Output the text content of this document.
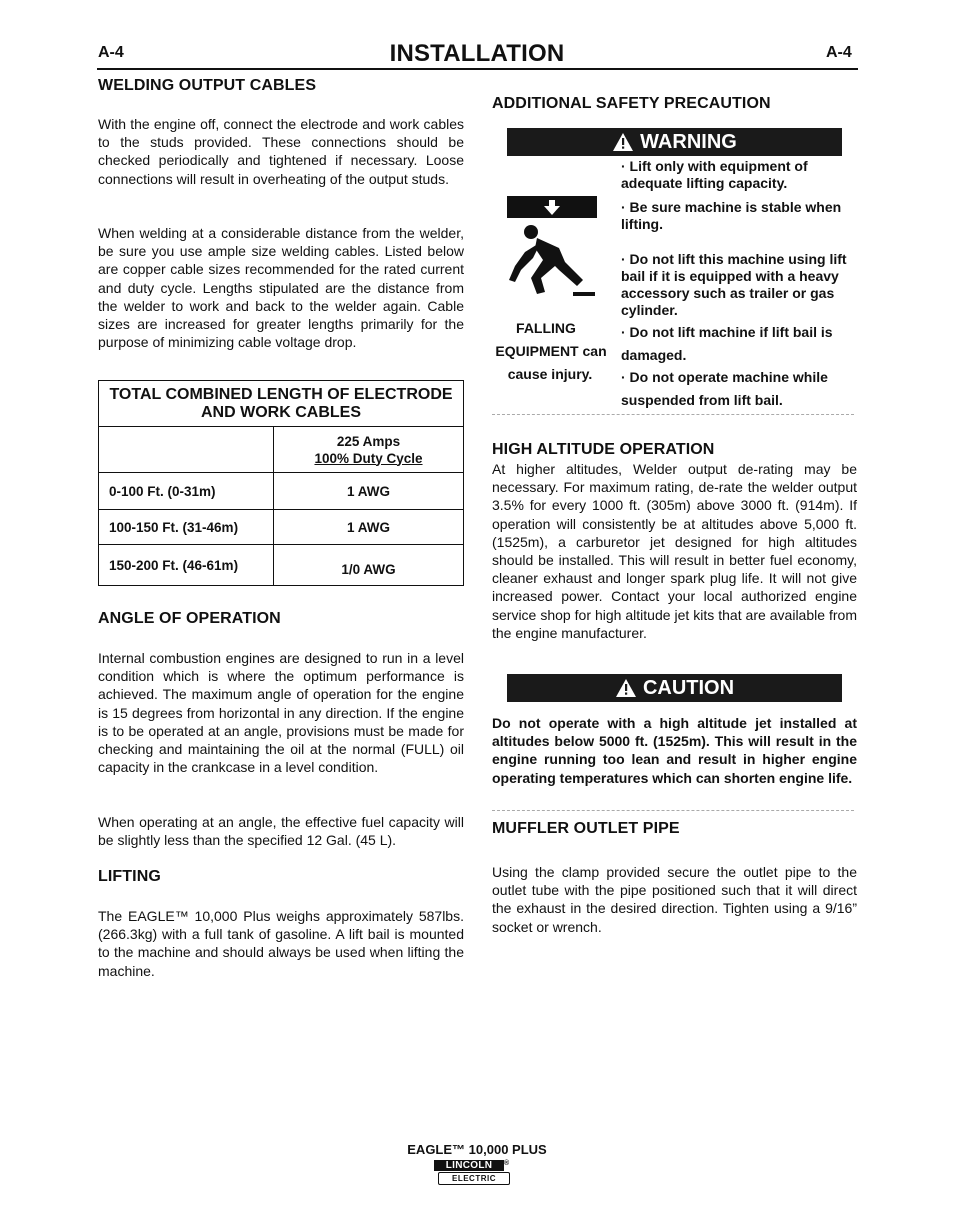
A-4	INSTALLATION	A-4
WELDING OUTPUT CABLES

With the engine off, connect the electrode and work cables to the studs provided. These connections should be checked periodically and tightened if necessary. Loose connections will result in overheating of the output studs.

When welding at a considerable distance from the welder, be sure you use ample size welding cables. Listed below are copper cable sizes recommended for the rated current and duty cycle. Lengths stipulated are the distance from the welder to work and back to the welder again. Cable sizes are increased for greater lengths primarily for the purpose of minimizing cable voltage drop.

TOTAL COMBINED LENGTH OF ELECTRODE AND WORK CABLES	

	225 Amps
100% Duty Cycle

0-100 Ft. (0-31m)	1 AWG
100-150 Ft. (31-46m)	1 AWG
150-200 Ft. (46-61m)	1/0 AWG
ANGLE OF OPERATION

Internal combustion engines are designed to run in a level condition which is where the optimum performance is achieved. The maximum angle of operation for the engine is 15 degrees from horizontal in any direction. If the engine is to be operated at an angle, provisions must be made for checking and maintaining the oil at the normal (FULL) oil capacity in the crankcase in a level condition.

When operating at an angle, the effective fuel capacity will be slightly less than the specified 12 Gal. (45 L).

LIFTING

The EAGLE™ 10,000 Plus weighs approximately 587lbs. (266.3kg) with a full tank of gasoline. A lift bail is mounted to the machine and should always be used when lifting the machine.

ADDITIONAL SAFETY PRECAUTION
WARNING
FALLING
EQUIPMENT can
cause injury.
· Lift only with equipment of adequate lifting capacity.
· Be sure machine is stable when lifting.
· Do not lift this machine using lift bail if it is equipped with a heavy accessory such as trailer or gas cylinder.
· Do not lift machine if lift bail is damaged.
· Do not operate machine while suspended from lift bail.
HIGH ALTITUDE OPERATION

At higher altitudes, Welder output de-rating may be necessary. For maximum rating, de-rate the welder output 3.5% for every 1000 ft. (305m) above 3000 ft. (914m). If operation will consistently be at altitudes above 5,000 ft. (1525m), a carburetor jet designed for high altitudes should be installed. This will result in better fuel economy, cleaner exhaust and longer spark plug life. It will not give increased power. Contact your local authorized engine service shop for high altitude jet kits that are available from the engine manufacturer.

CAUTION

Do not operate with a high altitude jet installed at altitudes below 5000 ft. (1525m). This will result in the engine running too lean and result in higher engine operating temperatures which can shorten engine life.

MUFFLER OUTLET PIPE

Using the clamp provided secure the outlet pipe to the outlet tube with the pipe positioned such that it will direct the exhaust in the desired direction. Tighten using a 9/16” socket or wrench.

EAGLE™ 10,000 PLUS
LINCOLN	®
ELECTRIC
